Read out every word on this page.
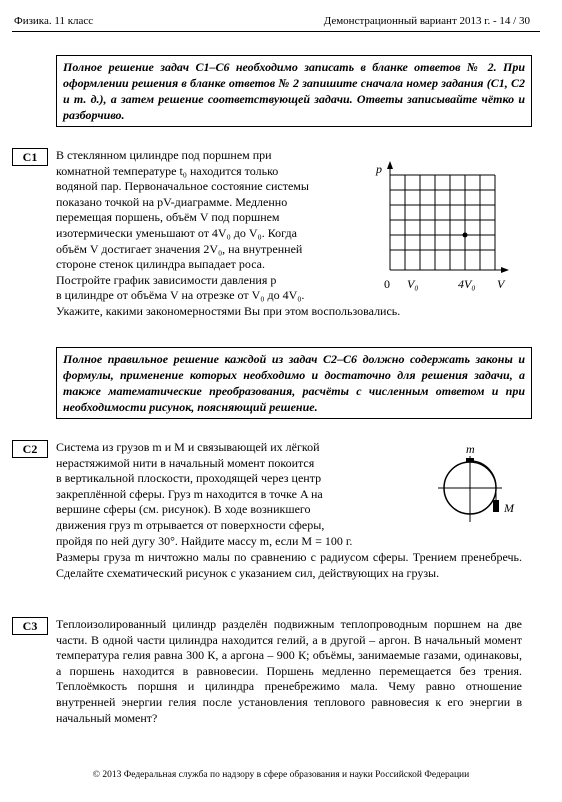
Физика. 11 класс	Демонстрационный вариант 2013 г. - 14 / 30
Полное решение задач С1–С6 необходимо записать в бланке ответов № 2. При оформлении решения в бланке ответов № 2 запишите сначала номер задания (С1, С2 и т. д.), а затем решение соответствующей задачи. Ответы записывайте чётко и разборчиво.
C1	В стеклянном цилиндре под поршнем при
комнатной температуре t₀ находится только
водяной пар. Первоначальное состояние системы
показано точкой на pV-диаграмме. Медленно
перемещая поршень, объём V под поршнем
изотермически уменьшают от 4V₀ до V₀. Когда
объём V достигает значения 2V₀, на внутренней
стороне стенок цилиндра выпадает роса.
Постройте график зависимости давления p
в цилиндре от объёма V на отрезке от V₀ до 4V₀.
Укажите, какими закономерностями Вы при этом воспользовались.
p
0 V₀	4V₀ V
Полное правильное решение каждой из задач С2–С6 должно содержать законы и формулы, применение которых необходимо и достаточно для решения задачи, а также математические преобразования, расчёты с численным ответом и при необходимости рисунок, поясняющий решение.
C2	Система из грузов m и M и связывающей их лёгкой
нерастяжимой нити в начальный момент покоится
в вертикальной плоскости, проходящей через центр
закреплённой сферы. Груз m находится в точке A на
вершине сферы (см. рисунок). В ходе возникшего
движения груз m отрывается от поверхности сферы,
пройдя по ней дугу 30°. Найдите массу m, если M = 100 г.
Размеры груза m ничтожно малы по сравнению с радиусом сферы. Трением пренебречь. Сделайте схематический рисунок с указанием сил, действующих на грузы.
m
M
C3	Теплоизолированный цилиндр разделён подвижным теплопроводным поршнем на две части. В одной части цилиндра находится гелий, а в другой – аргон. В начальный момент температура гелия равна 300 К, а аргона – 900 К; объёмы, занимаемые газами, одинаковы, а поршень находится в равновесии. Поршень медленно перемещается без трения. Теплоёмкость поршня и цилиндра пренебрежимо мала. Чему равно отношение внутренней энергии гелия после установления теплового равновесия к его энергии в начальный момент?
© 2013 Федеральная служба по надзору в сфере образования и науки Российской Федерации
